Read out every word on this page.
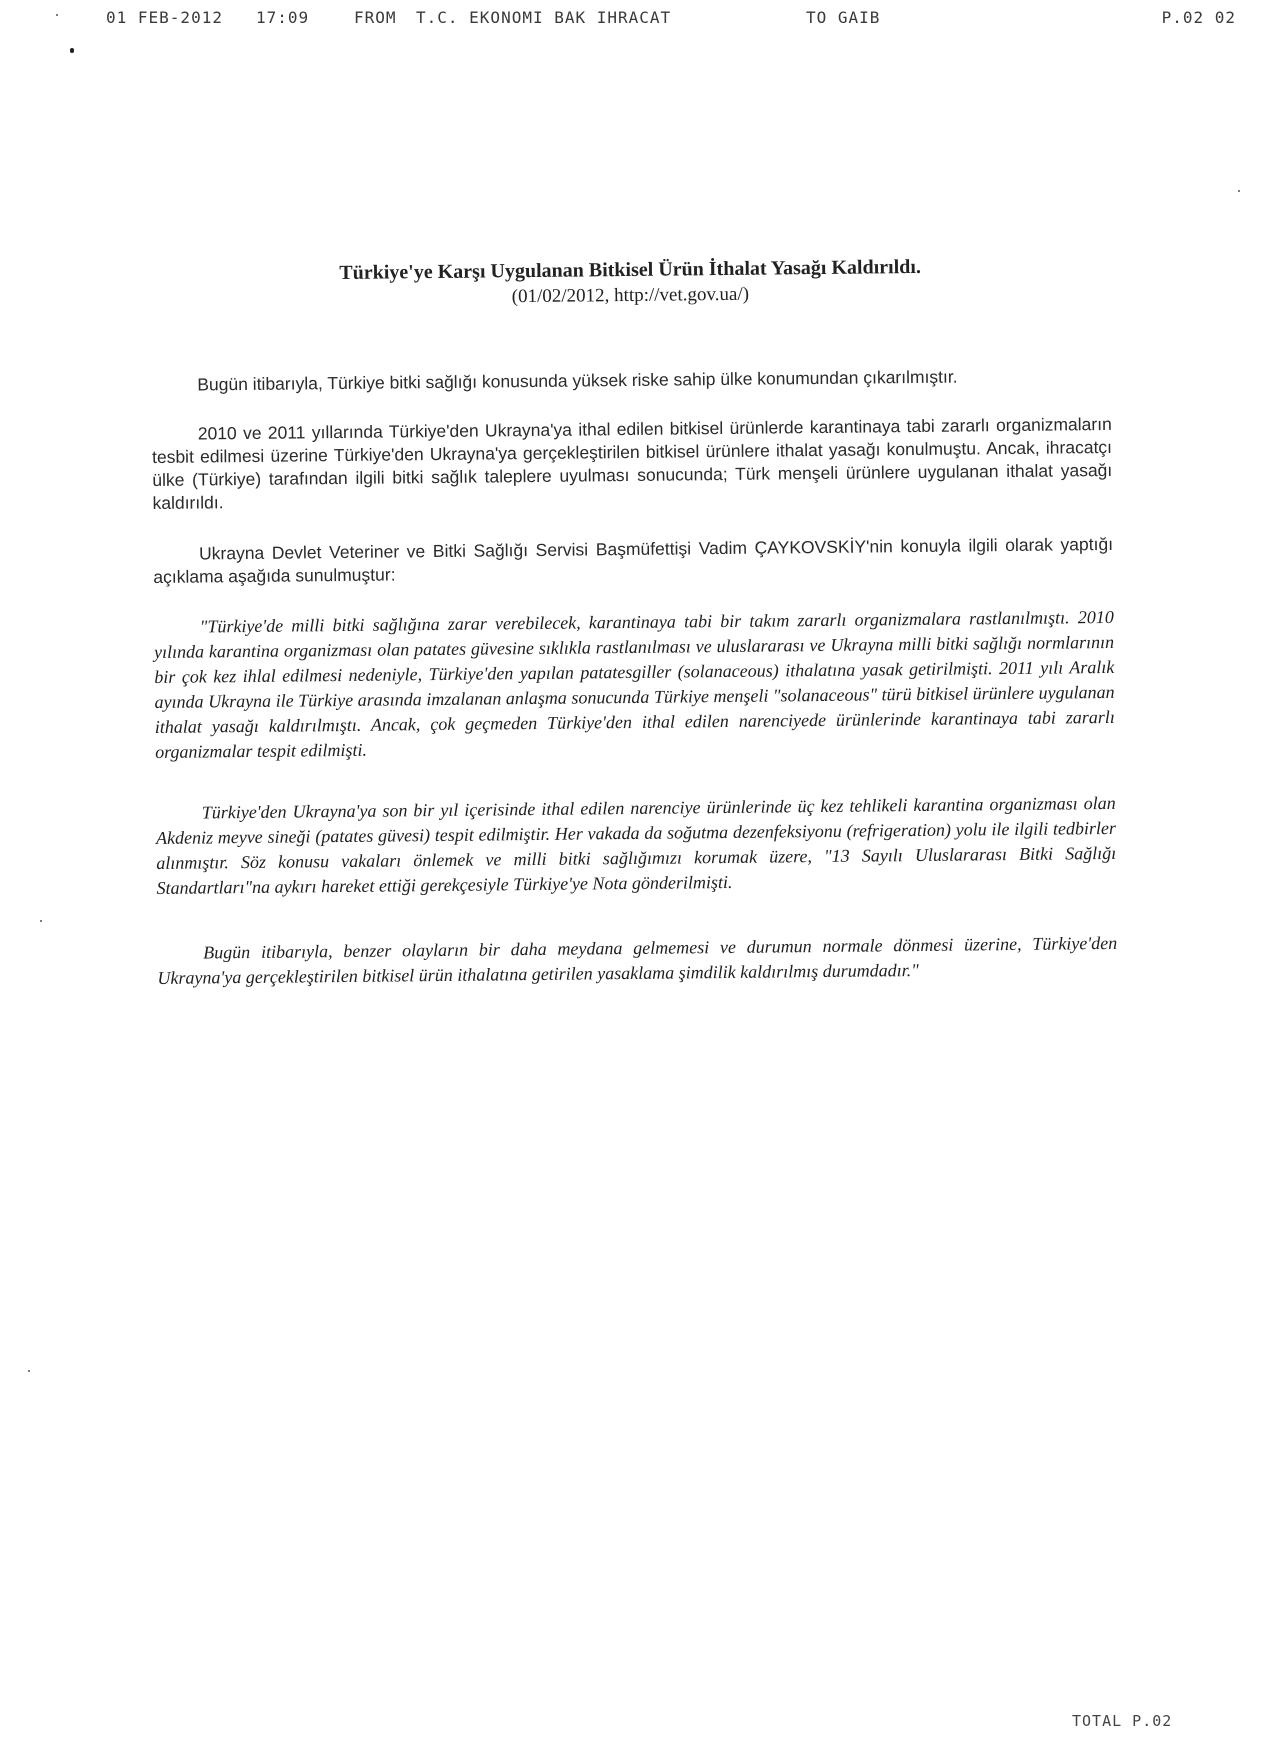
01 FEB-2012 17:09	FROM T.C. EKONOMI BAK IHRACAT	TO GAIB	P.02 02
Türkiye'ye Karşı Uygulanan Bitkisel Ürün İthalat Yasağı Kaldırıldı.
(01/02/2012, http://vet.gov.ua/)

Bugün itibarıyla, Türkiye bitki sağlığı konusunda yüksek riske sahip ülke konumundan çıkarılmıştır.

2010 ve 2011 yıllarında Türkiye'den Ukrayna'ya ithal edilen bitkisel ürünlerde karantinaya tabi zararlı organizmaların tesbit edilmesi üzerine Türkiye'den Ukrayna'ya gerçekleştirilen bitkisel ürünlere ithalat yasağı konulmuştu. Ancak, ihracatçı ülke (Türkiye) tarafından ilgili bitki sağlık taleplere uyulması sonucunda; Türk menşeli ürünlere uygulanan ithalat yasağı kaldırıldı.

Ukrayna Devlet Veteriner ve Bitki Sağlığı Servisi Başmüfettişi Vadim ÇAYKOVSKİY'nin konuyla ilgili olarak yaptığı açıklama aşağıda sunulmuştur:

"Türkiye'de milli bitki sağlığına zarar verebilecek, karantinaya tabi bir takım zararlı organizmalara rastlanılmıştı. 2010 yılında karantina organizması olan patates güvesine sıklıkla rastlanılması ve uluslararası ve Ukrayna milli bitki sağlığı normlarının bir çok kez ihlal edilmesi nedeniyle, Türkiye'den yapılan patatesgiller (solanaceous) ithalatına yasak getirilmişti. 2011 yılı Aralık ayında Ukrayna ile Türkiye arasında imzalanan anlaşma sonucunda Türkiye menşeli "solanaceous" türü bitkisel ürünlere uygulanan ithalat yasağı kaldırılmıştı. Ancak, çok geçmeden Türkiye'den ithal edilen narenciyede ürünlerinde karantinaya tabi zararlı organizmalar tespit edilmişti.

Türkiye'den Ukrayna'ya son bir yıl içerisinde ithal edilen narenciye ürünlerinde üç kez tehlikeli karantina organizması olan Akdeniz meyve sineği (patates güvesi) tespit edilmiştir. Her vakada da soğutma dezenfeksiyonu (refrigeration) yolu ile ilgili tedbirler alınmıştır. Söz konusu vakaları önlemek ve milli bitki sağlığımızı korumak üzere, "13 Sayılı Uluslararası Bitki Sağlığı Standartları"na aykırı hareket ettiği gerekçesiyle Türkiye'ye Nota gönderilmişti.

Bugün itibarıyla, benzer olayların bir daha meydana gelmemesi ve durumun normale dönmesi üzerine, Türkiye'den Ukrayna'ya gerçekleştirilen bitkisel ürün ithalatına getirilen yasaklama şimdilik kaldırılmış durumdadır."

TOTAL P.02
